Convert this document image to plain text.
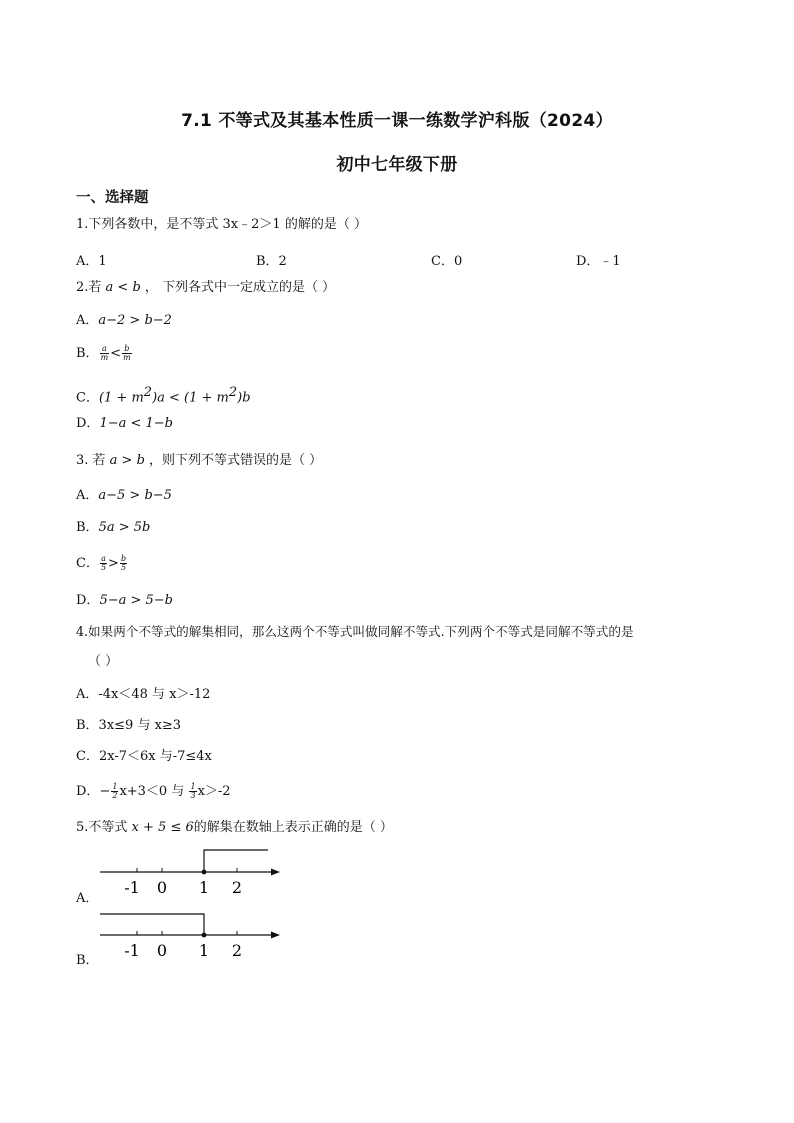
7.1 不等式及其基本性质一课一练数学沪科版（2024）
初中七年级下册
一、选择题
1.下列各数中，是不等式 3x﹣2＞1 的解的是（ ）
A．1	B．2	C．0	D．﹣1
2.若 a < b ， 下列各式中一定成立的是（ ）
A．a−2 > b−2
B． $\frac{a}{m} < \frac{b}{m}$
C．$(1 + m^2)a < (1 + m^2)b$
D．1−a < 1−b
3. 若 a > b ，则下列不等式错误的是（ ）
A．a−5 > b−5
B．5a > 5b
C． $\frac{a}{5} > \frac{b}{5}$
D．5−a > 5−b
4.如果两个不等式的解集相同，那么这两个不等式叫做同解不等式.下列两个不等式是同解不等式的是
（ ）
A．-4x＜48 与 x＞-12
B．3x≤9 与 x≥3
C．2x-7＜6x 与-7≤4x
D．− $\frac{1}{2} x+3<0$ 与 $\frac{1}{3} x>-2$
5.不等式 x + 5 ≤ 6的解集在数轴上表示正确的是（ ）
A．
-1 0 1 2
B．
-1 0 1 2
